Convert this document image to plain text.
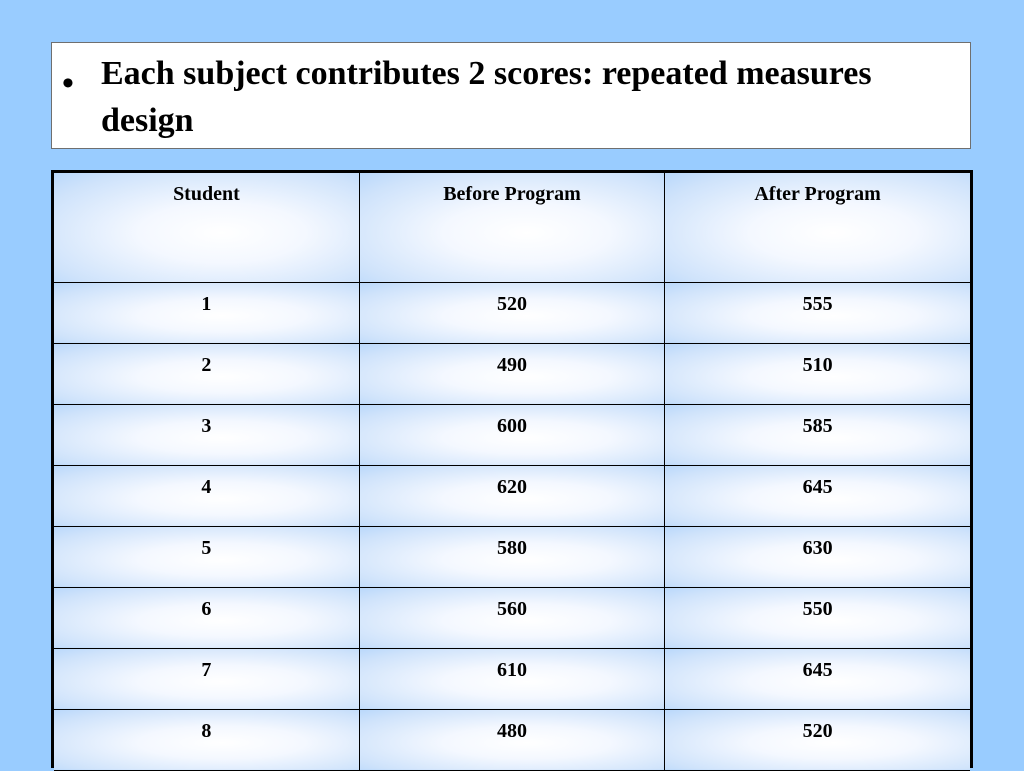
• Each subject contributes 2 scores: repeated measures design

Student	Before Program	After Program
1	520	555
2	490	510
3	600	585
4	620	645
5	580	630
6	560	550
7	610	645
8	480	520
